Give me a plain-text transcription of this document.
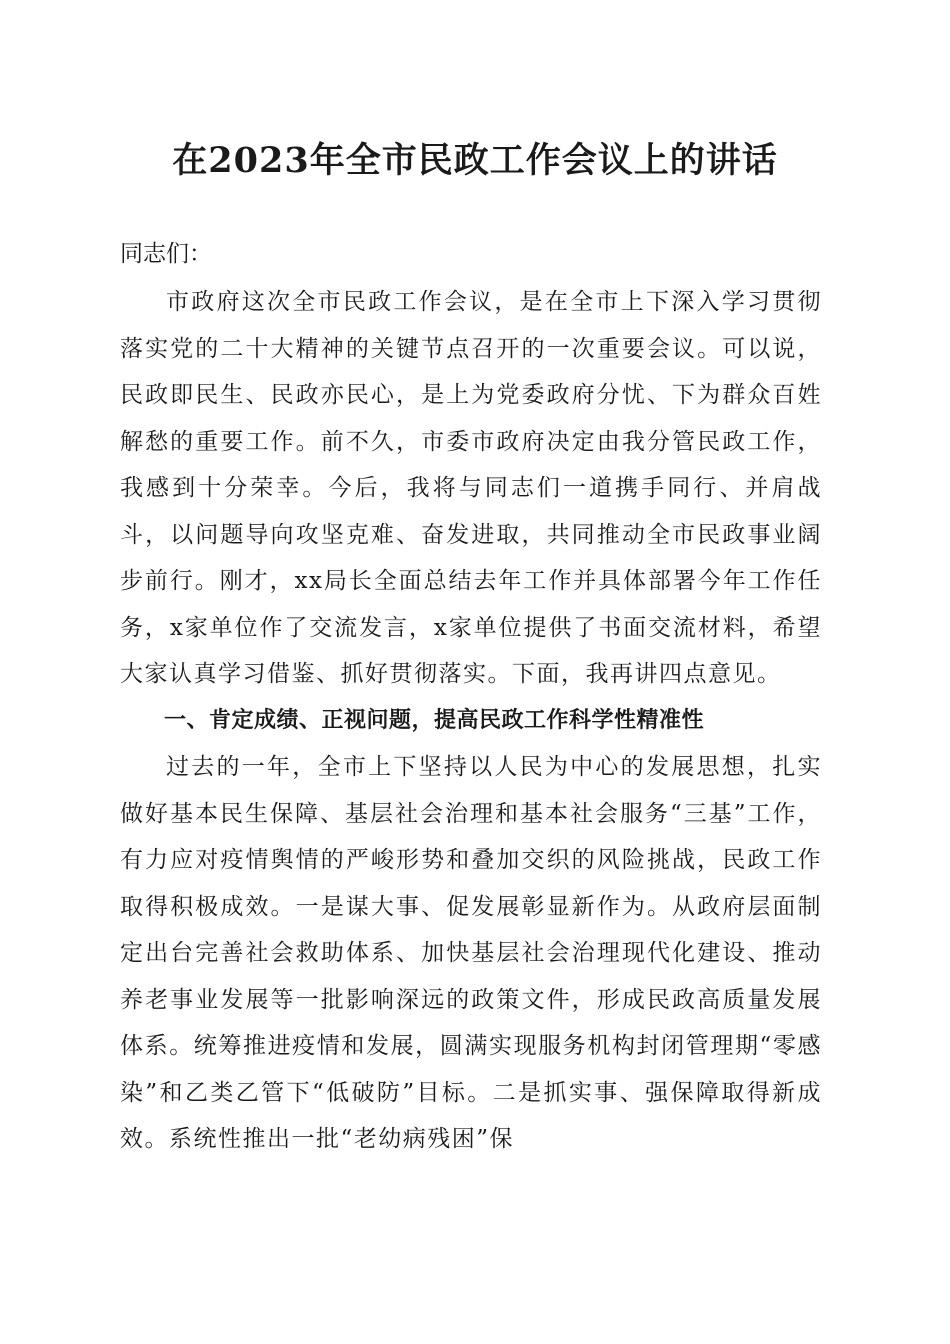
在2023年全市民政工作会议上的讲话

同志们：

市政府这次全市民政工作会议，是在全市上下深入学习贯彻落实党的二十大精神的关键节点召开的一次重要会议。可以说，民政即民生、民政亦民心，是上为党委政府分忧、下为群众百姓解愁的重要工作。前不久，市委市政府决定由我分管民政工作，我感到十分荣幸。今后，我将与同志们一道携手同行、并肩战斗，以问题导向攻坚克难、奋发进取，共同推动全市民政事业阔步前行。刚才，xx局长全面总结去年工作并具体部署今年工作任务，x家单位作了交流发言，x家单位提供了书面交流材料，希望大家认真学习借鉴、抓好贯彻落实。下面，我再讲四点意见。

一、肯定成绩、正视问题，提高民政工作科学性精准性

过去的一年，全市上下坚持以人民为中心的发展思想，扎实做好基本民生保障、基层社会治理和基本社会服务“三基”工作，有力应对疫情舆情的严峻形势和叠加交织的风险挑战，民政工作取得积极成效。一是谋大事、促发展彰显新作为。从政府层面制定出台完善社会救助体系、加快基层社会治理现代化建设、推动养老事业发展等一批影响深远的政策文件，形成民政高质量发展体系。统筹推进疫情和发展，圆满实现服务机构封闭管理期“零感染”和乙类乙管下“低破防”目标。二是抓实事、强保障取得新成效。系统性推出一批“老幼病残困”保
